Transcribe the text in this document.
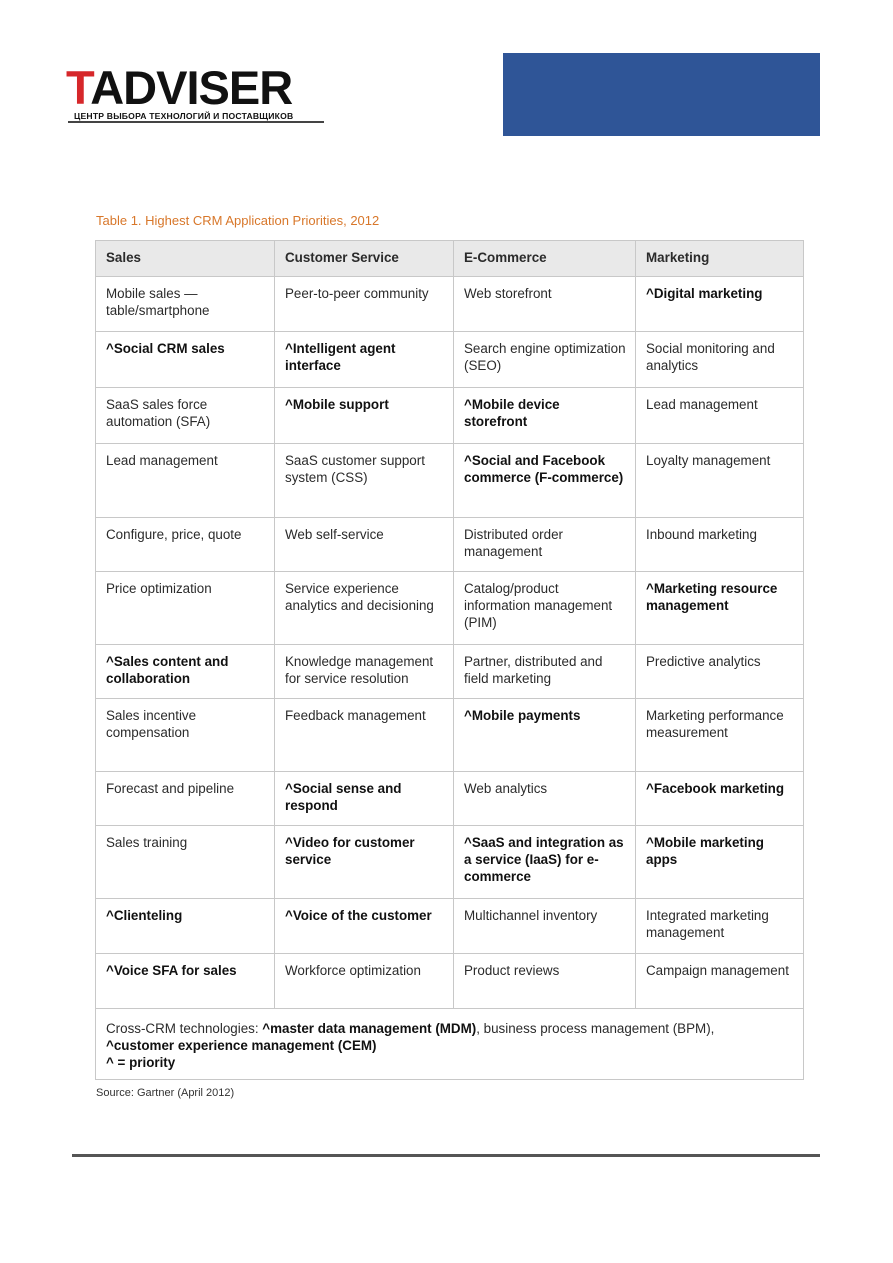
TADVISER
ЦЕНТР ВЫБОРА ТЕХНОЛОГИЙ И ПОСТАВЩИКОВ
Table 1. Highest CRM Application Priorities, 2012
Sales	Customer Service	E-Commerce	Marketing
Mobile sales — table/smartphone	Peer-to-peer community	Web storefront	^Digital marketing
^Social CRM sales	^Intelligent agent interface	Search engine optimization (SEO)	Social monitoring and analytics
SaaS sales force automation (SFA)	^Mobile support	^Mobile device storefront	Lead management
Lead management	SaaS customer support system (CSS)	^Social and Facebook commerce (F-commerce)	Loyalty management
Configure, price, quote	Web self-service	Distributed order management	Inbound marketing
Price optimization	Service experience analytics and decisioning	Catalog/product information management (PIM)	^Marketing resource management
^Sales content and collaboration	Knowledge management for service resolution	Partner, distributed and field marketing	Predictive analytics
Sales incentive compensation	Feedback management	^Mobile payments	Marketing performance measurement
Forecast and pipeline	^Social sense and respond	Web analytics	^Facebook marketing
Sales training	^Video for customer service	^SaaS and integration as a service (IaaS) for e-commerce	^Mobile marketing apps
^Clienteling	^Voice of the customer	Multichannel inventory	Integrated marketing management
^Voice SFA for sales	Workforce optimization	Product reviews	Campaign management
Cross-CRM technologies: ^master data management (MDM), business process management (BPM),
^customer experience management (CEM)
^ = priority			
Source: Gartner (April 2012)
